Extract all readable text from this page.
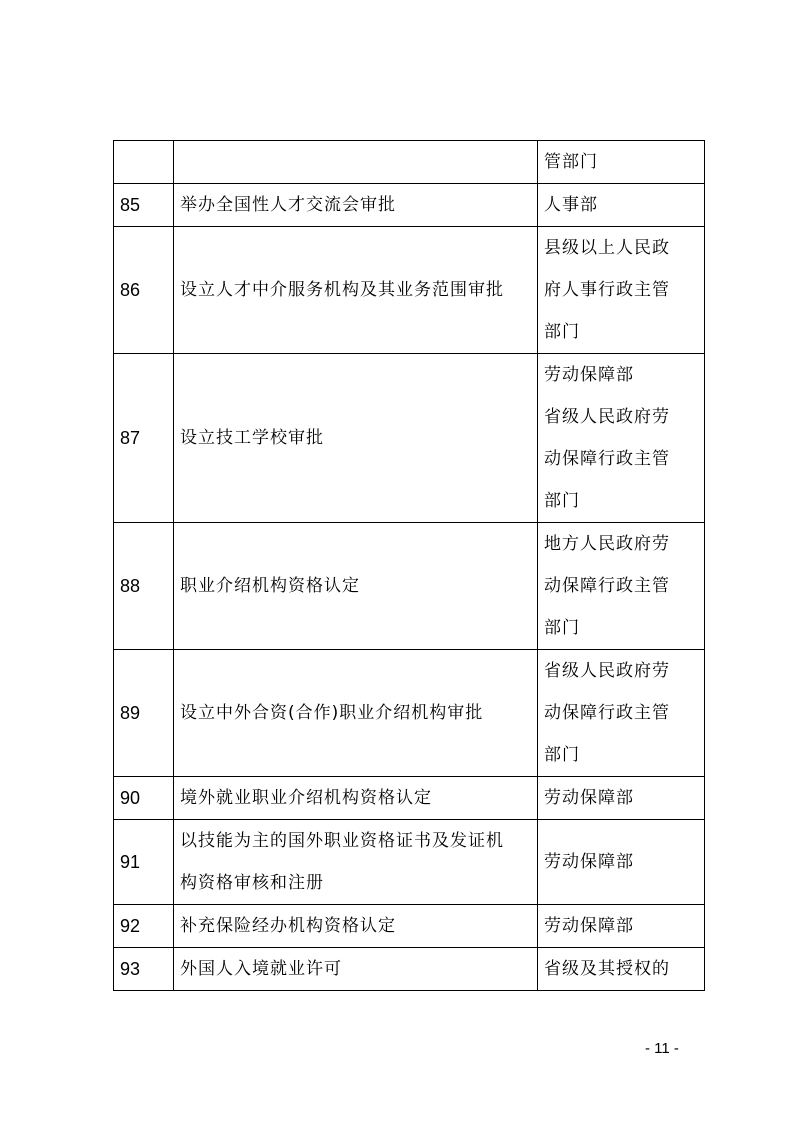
		管部门

85	举办全国性人才交流会审批	人事部

86	设立人才中介服务机构及其业务范围审批	县级以上人民政
府人事行政主管
部门

87	设立技工学校审批	劳动保障部
省级人民政府劳
动保障行政主管
部门

88	职业介绍机构资格认定	地方人民政府劳
动保障行政主管
部门

89	设立中外合资(合作)职业介绍机构审批	省级人民政府劳
动保障行政主管
部门

90	境外就业职业介绍机构资格认定	劳动保障部

91	以技能为主的国外职业资格证书及发证机
构资格审核和注册	劳动保障部

92	补充保险经办机构资格认定	劳动保障部

93	外国人入境就业许可	省级及其授权的
- 11 -
